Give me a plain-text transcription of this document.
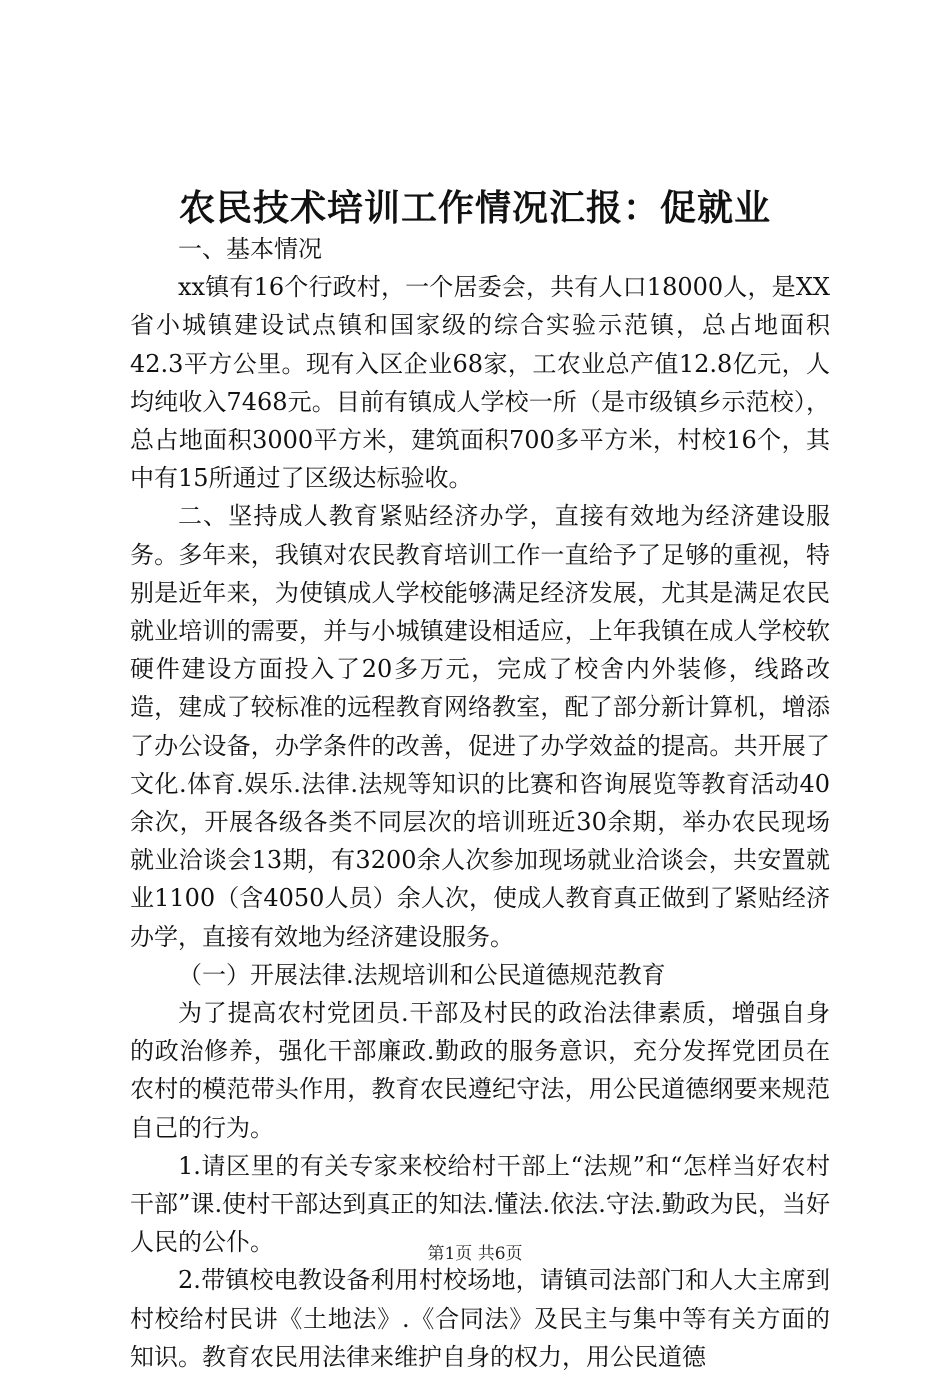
农民技术培训工作情况汇报：促就业

一、基本情况

xx镇有16个行政村，一个居委会，共有人口18000人，是XX省小城镇建设试点镇和国家级的综合实验示范镇，总占地面积42.3平方公里。现有入区企业68家，工农业总产值12.8亿元，人均纯收入7468元。目前有镇成人学校一所（是市级镇乡示范校），总占地面积3000平方米，建筑面积700多平方米，村校16个，其中有15所通过了区级达标验收。

二、坚持成人教育紧贴经济办学，直接有效地为经济建设服务。多年来，我镇对农民教育培训工作一直给予了足够的重视，特别是近年来，为使镇成人学校能够满足经济发展，尤其是满足农民就业培训的需要，并与小城镇建设相适应，上年我镇在成人学校软硬件建设方面投入了20多万元，完成了校舍内外装修，线路改造，建成了较标准的远程教育网络教室，配了部分新计算机，增添了办公设备，办学条件的改善，促进了办学效益的提高。共开展了文化.体育.娱乐.法律.法规等知识的比赛和咨询展览等教育活动40余次，开展各级各类不同层次的培训班近30余期，举办农民现场就业洽谈会13期，有3200余人次参加现场就业洽谈会，共安置就业1100（含4050人员）余人次，使成人教育真正做到了紧贴经济办学，直接有效地为经济建设服务。

（一）开展法律.法规培训和公民道德规范教育

为了提高农村党团员.干部及村民的政治法律素质，增强自身的政治修养，强化干部廉政.勤政的服务意识，充分发挥党团员在农村的模范带头作用，教育农民遵纪守法，用公民道德纲要来规范自己的行为。

1.请区里的有关专家来校给村干部上“法规”和“怎样当好农村干部”课.使村干部达到真正的知法.懂法.依法.守法.勤政为民，当好人民的公仆。

2.带镇校电教设备利用村校场地，请镇司法部门和人大主席到村校给村民讲《土地法》.《合同法》及民主与集中等有关方面的知识。教育农民用法律来维护自身的权力，用公民道德

第1页 共6页
